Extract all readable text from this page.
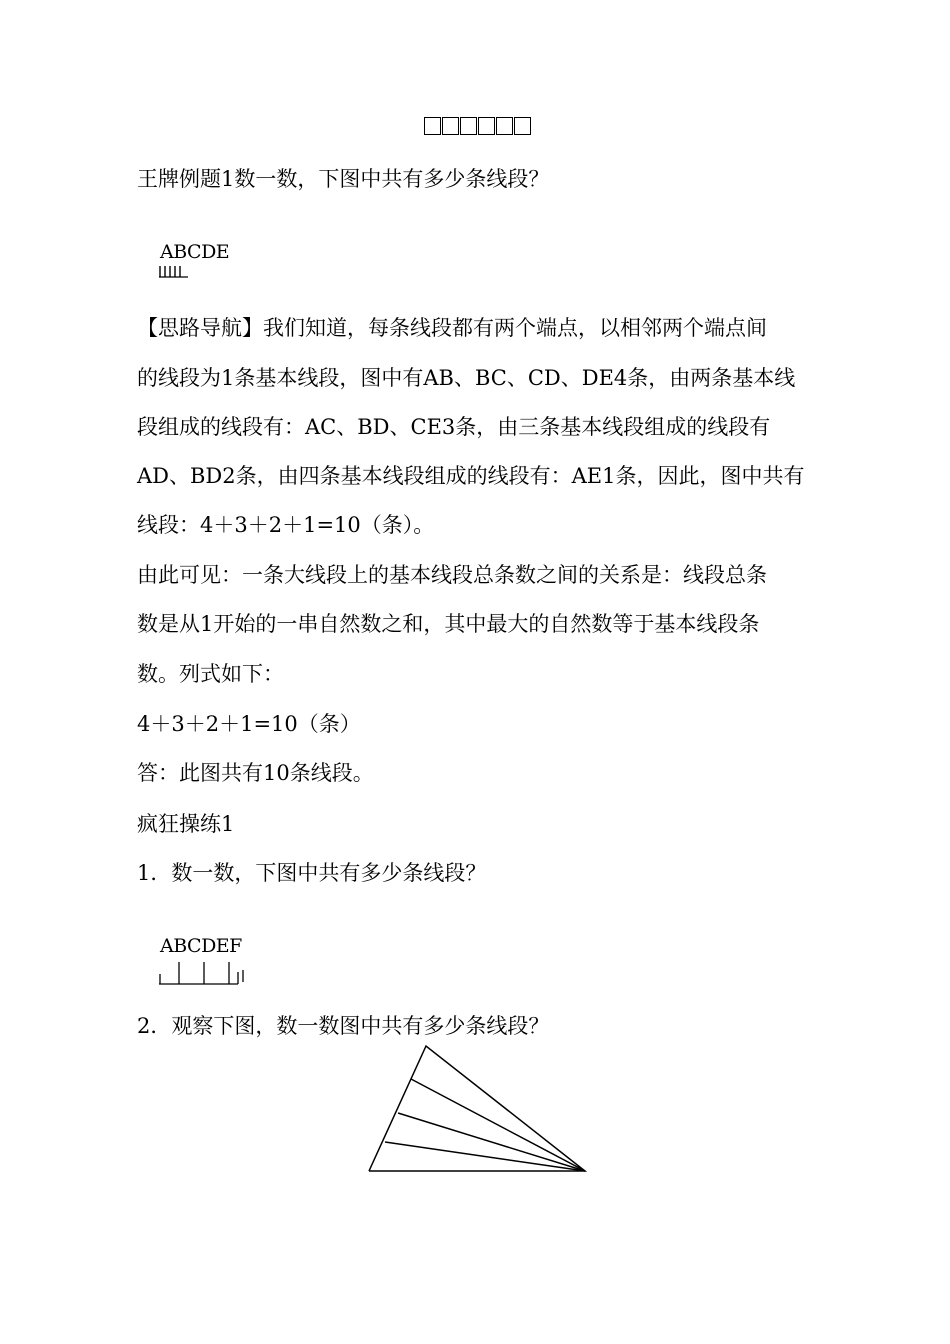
王牌例题1数一数，下图中共有多少条线段？
ABCDE
【思路导航】我们知道，每条线段都有两个端点，以相邻两个端点间
的线段为1条基本线段，图中有AB、BC、CD、DE4条，由两条基本线
段组成的线段有：AC、BD、CE3条，由三条基本线段组成的线段有
AD、BD2条，由四条基本线段组成的线段有：AE1条，因此，图中共有
线段：4＋3＋2＋1=10（条）。
由此可见：一条大线段上的基本线段总条数之间的关系是：线段总条
数是从1开始的一串自然数之和，其中最大的自然数等于基本线段条
数。列式如下：
4＋3＋2＋1=10（条）
答：此图共有10条线段。
疯狂操练1
1．数一数，下图中共有多少条线段？
ABCDEF
2．观察下图，数一数图中共有多少条线段？
